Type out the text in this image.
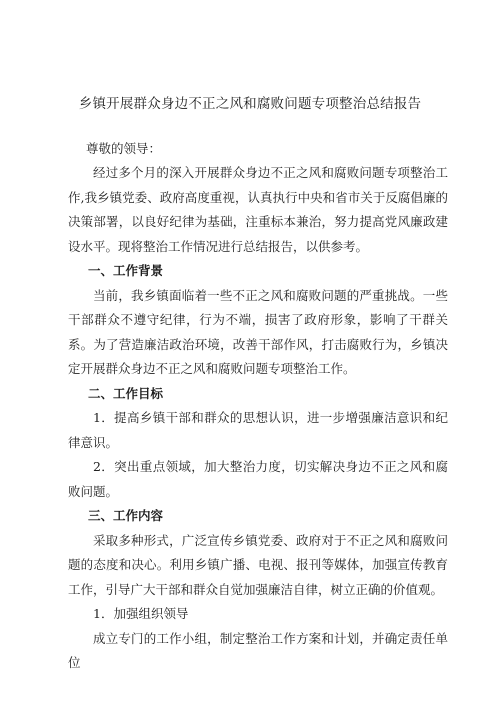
乡镇开展群众身边不正之风和腐败问题专项整治总结报告
尊敬的领导：

经过多个月的深入开展群众身边不正之风和腐败问题专项整治工作,我乡镇党委、政府高度重视，认真执行中央和省市关于反腐倡廉的决策部署，以良好纪律为基础，注重标本兼治，努力提高党风廉政建设水平。现将整治工作情况进行总结报告，以供参考。

一、工作背景

当前，我乡镇面临着一些不正之风和腐败问题的严重挑战。一些干部群众不遵守纪律，行为不端，损害了政府形象，影响了干群关系。为了营造廉洁政治环境，改善干部作风，打击腐败行为，乡镇决定开展群众身边不正之风和腐败问题专项整治工作。

二、工作目标

1．提高乡镇干部和群众的思想认识，进一步增强廉洁意识和纪律意识。

2．突出重点领域，加大整治力度，切实解决身边不正之风和腐败问题。

三、工作内容

采取多种形式，广泛宣传乡镇党委、政府对于不正之风和腐败问题的态度和决心。利用乡镇广播、电视、报刊等媒体，加强宣传教育工作，引导广大干部和群众自觉加强廉洁自律，树立正确的价值观。

1．加强组织领导

成立专门的工作小组，制定整治工作方案和计划，并确定责任单位
